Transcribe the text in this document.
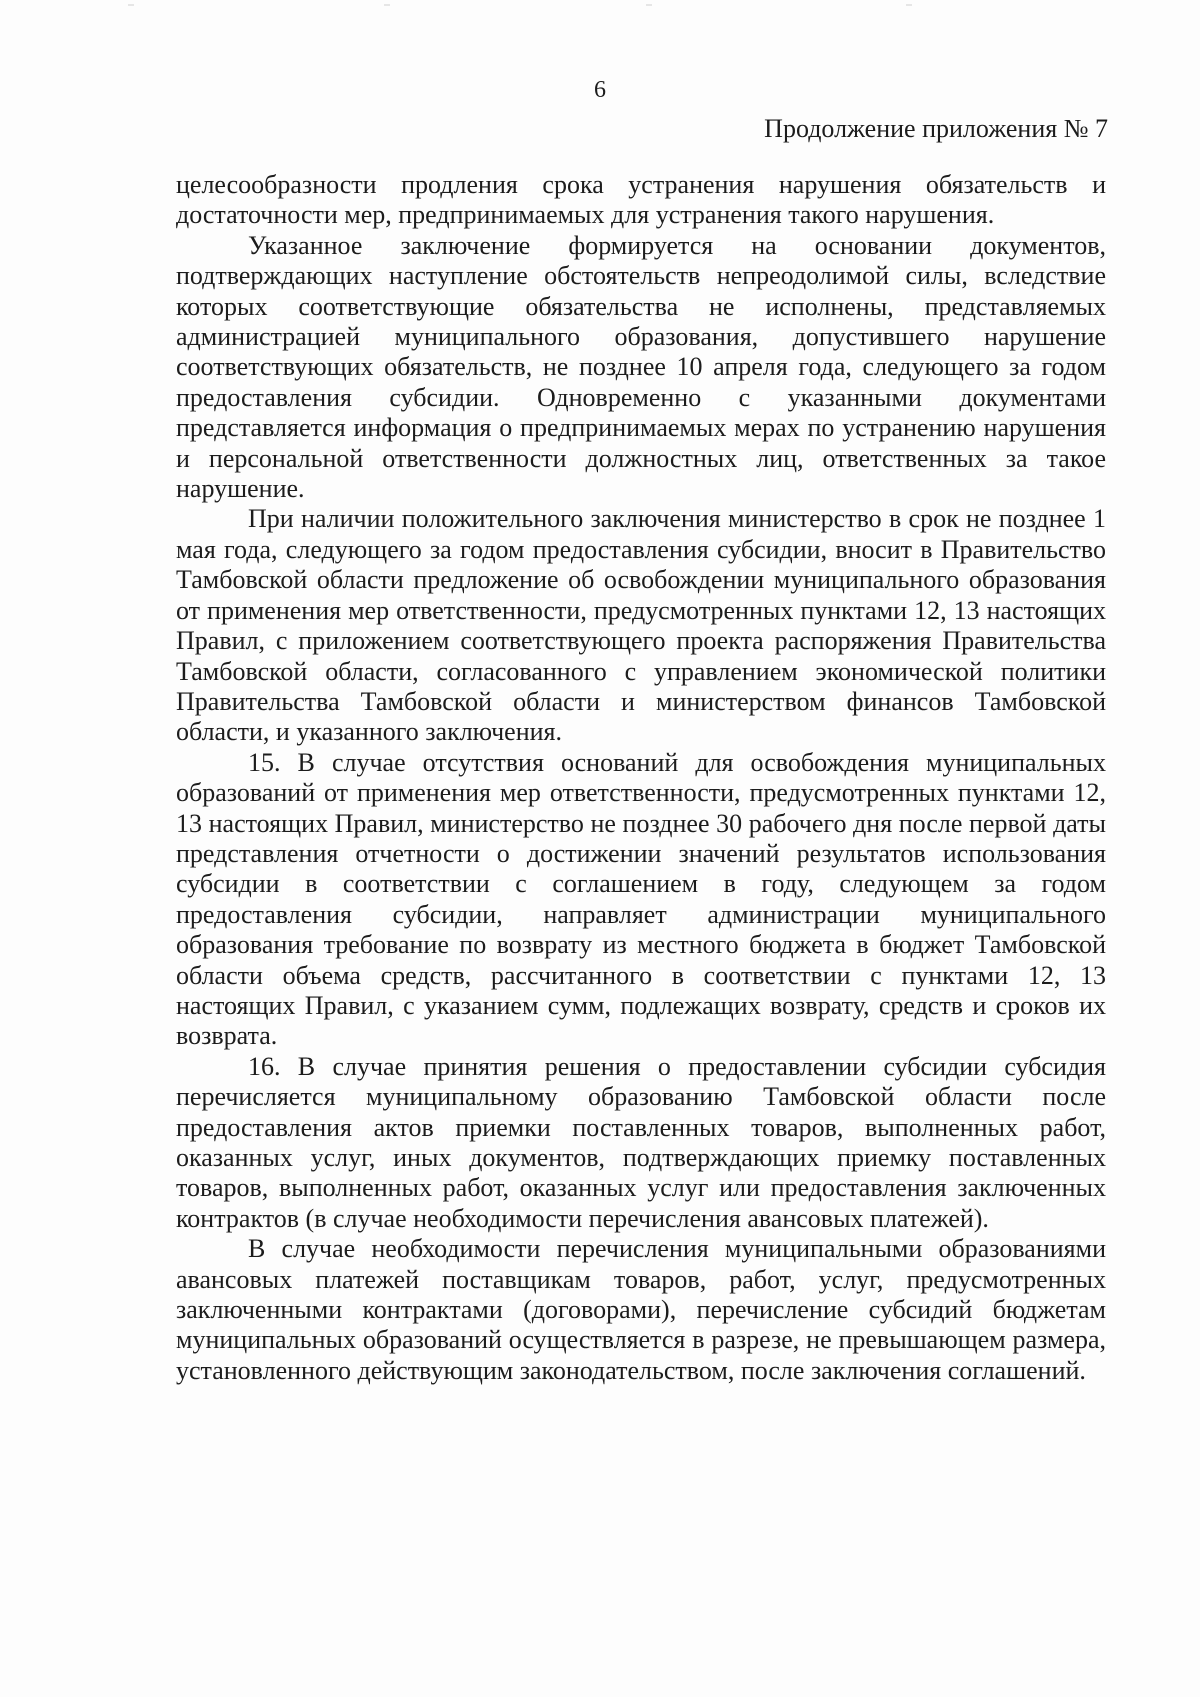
6
Продолжение приложения № 7

целесообразности продления срока устранения нарушения обязательств и достаточности мер, предпринимаемых для устранения такого нарушения.

Указанное заключение формируется на основании документов, подтверждающих наступление обстоятельств непреодолимой силы, вследствие которых соответствующие обязательства не исполнены, представляемых администрацией муниципального образования, допустившего нарушение соответствующих обязательств, не позднее 10 апреля года, следующего за годом предоставления субсидии. Одновременно с указанными документами представляется информация о предпринимаемых мерах по устранению нарушения и персональной ответственности должностных лиц, ответственных за такое нарушение.

При наличии положительного заключения министерство в срок не позднее 1 мая года, следующего за годом предоставления субсидии, вносит в Правительство Тамбовской области предложение об освобождении муниципального образования от применения мер ответственности, предусмотренных пунктами 12, 13 настоящих Правил, с приложением соответствующего проекта распоряжения Правительства Тамбовской области, согласованного с управлением экономической политики Правительства Тамбовской области и министерством финансов Тамбовской области, и указанного заключения.

15. В случае отсутствия оснований для освобождения муниципальных образований от применения мер ответственности, предусмотренных пунктами 12, 13 настоящих Правил, министерство не позднее 30 рабочего дня после первой даты представления отчетности о достижении значений результатов использования субсидии в соответствии с соглашением в году, следующем за годом предоставления субсидии, направляет администрации муниципального образования требование по возврату из местного бюджета в бюджет Тамбовской области объема средств, рассчитанного в соответствии с пунктами 12, 13 настоящих Правил, с указанием сумм, подлежащих возврату, средств и сроков их возврата.

16. В случае принятия решения о предоставлении субсидии субсидия перечисляется муниципальному образованию Тамбовской области после предоставления актов приемки поставленных товаров, выполненных работ, оказанных услуг, иных документов, подтверждающих приемку поставленных товаров, выполненных работ, оказанных услуг или предоставления заключенных контрактов (в случае необходимости перечисления авансовых платежей).

В случае необходимости перечисления муниципальными образованиями авансовых платежей поставщикам товаров, работ, услуг, предусмотренных заключенными контрактами (договорами), перечисление субсидий бюджетам муниципальных образований осуществляется в разрезе, не превышающем размера, установленного действующим законодательством, после заключения соглашений.
